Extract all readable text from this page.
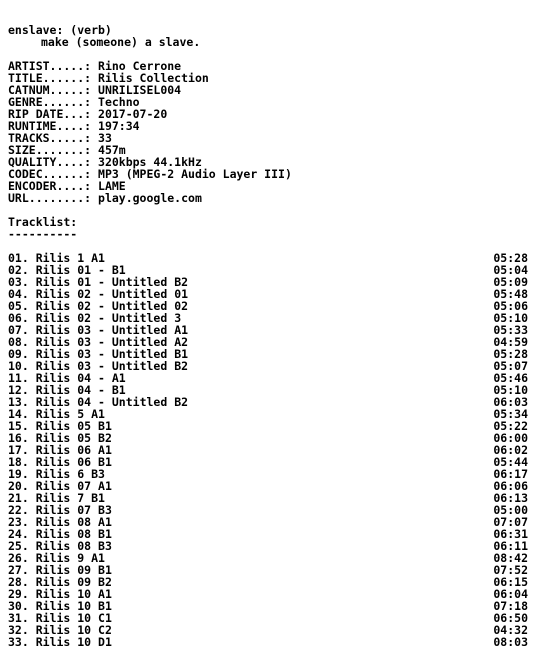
enslave: (verb)
make (someone) a slave.
ARTIST.....: Rino Cerrone
TITLE......: Rilis Collection
CATNUM.....: UNRILISEL004
GENRE......: Techno
RIP DATE...: 2017-07-20
RUNTIME....: 197:34
TRACKS.....: 33
SIZE.......: 457m
QUALITY....: 320kbps 44.1kHz
CODEC......: MP3 (MPEG-2 Audio Layer III)
ENCODER....: LAME
URL........: play.google.com
Tracklist:
----------
01. Rilis 1 A1	05:28
02. Rilis 01 - B1	05:04
03. Rilis 01 - Untitled B2	05:09
04. Rilis 02 - Untitled 01	05:48
05. Rilis 02 - Untitled 02	05:06
06. Rilis 02 - Untitled 3	05:10
07. Rilis 03 - Untitled A1	05:33
08. Rilis 03 - Untitled A2	04:59
09. Rilis 03 - Untitled B1	05:28
10. Rilis 03 - Untitled B2	05:07
11. Rilis 04 - A1	05:46
12. Rilis 04 - B1	05:10
13. Rilis 04 - Untitled B2	06:03
14. Rilis 5 A1	05:34
15. Rilis 05 B1	05:22
16. Rilis 05 B2	06:00
17. Rilis 06 A1	06:02
18. Rilis 06 B1	05:44
19. Rilis 6 B3	06:17
20. Rilis 07 A1	06:06
21. Rilis 7 B1	06:13
22. Rilis 07 B3	05:00
23. Rilis 08 A1	07:07
24. Rilis 08 B1	06:31
25. Rilis 08 B3	06:11
26. Rilis 9 A1	08:42
27. Rilis 09 B1	07:52
28. Rilis 09 B2	06:15
29. Rilis 10 A1	06:04
30. Rilis 10 B1	07:18
31. Rilis 10 C1	06:50
32. Rilis 10 C2	04:32
33. Rilis 10 D1	08:03
